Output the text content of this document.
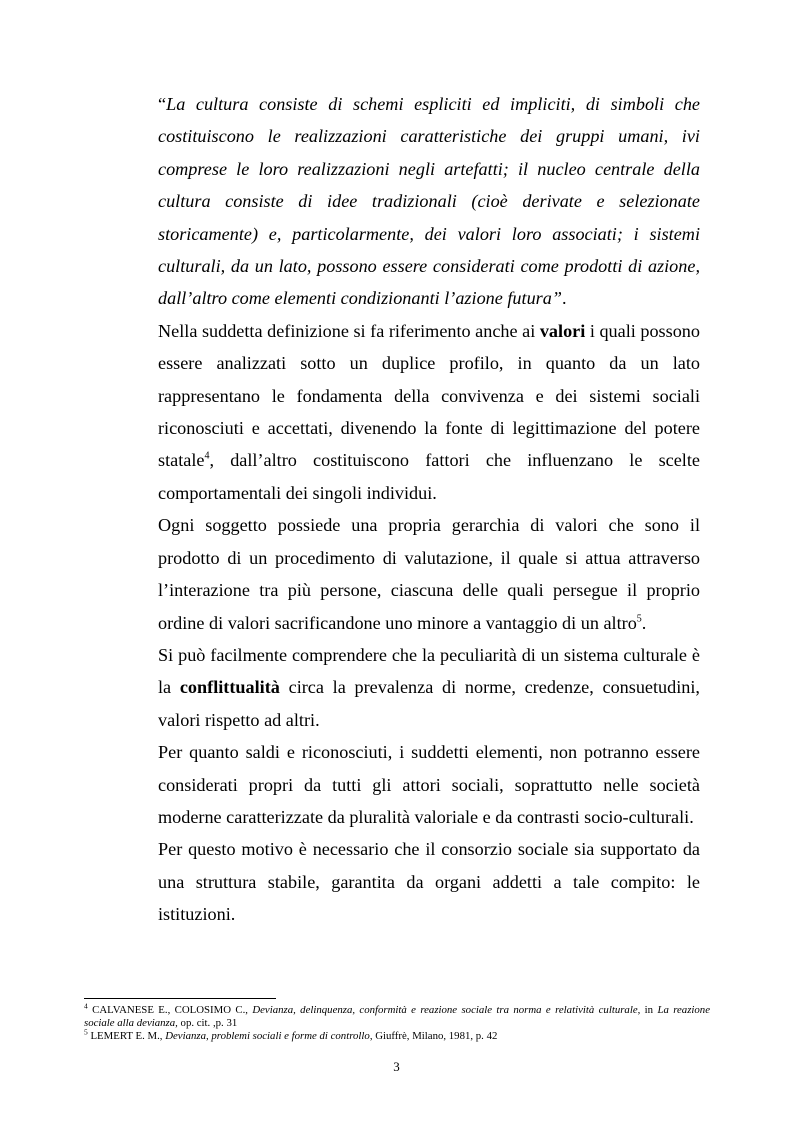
“La cultura consiste di schemi espliciti ed impliciti, di simboli che costituiscono le realizzazioni caratteristiche dei gruppi umani, ivi comprese le loro realizzazioni negli artefatti; il nucleo centrale della cultura consiste di idee tradizionali (cioè derivate e selezionate storicamente) e, particolarmente, dei valori loro associati; i sistemi culturali, da un lato, possono essere considerati come prodotti di azione, dall’altro come elementi condizionanti l’azione futura”.

Nella suddetta definizione si fa riferimento anche ai valori i quali possono essere analizzati sotto un duplice profilo, in quanto da un lato rappresentano le fondamenta della convivenza e dei sistemi sociali riconosciuti e accettati, divenendo la fonte di legittimazione del potere statale$^4$, dall’altro costituiscono fattori che influenzano le scelte comportamentali dei singoli individui.

Ogni soggetto possiede una propria gerarchia di valori che sono il prodotto di un procedimento di valutazione, il quale si attua attraverso l’interazione tra più persone, ciascuna delle quali persegue il proprio ordine di valori sacrificandone uno minore a vantaggio di un altro$^5$.

Si può facilmente comprendere che la peculiarità di un sistema culturale è la conflittualità circa la prevalenza di norme, credenze, consuetudini, valori rispetto ad altri.

Per quanto saldi e riconosciuti, i suddetti elementi, non potranno essere considerati propri da tutti gli attori sociali, soprattutto nelle società moderne caratterizzate da pluralità valoriale e da contrasti socio-culturali.

Per questo motivo è necessario che il consorzio sociale sia supportato da una struttura stabile, garantita da organi addetti a tale compito: le istituzioni.

$^4$ CALVANESE E., COLOSIMO C., Devianza, delinquenza, conformità e reazione sociale tra norma e relatività culturale, in La reazione sociale alla devianza, op. cit. ,p. 31

$^5$ LEMERT E. M., Devianza, problemi sociali e forme di controllo, Giuffrè, Milano, 1981, p. 42

3
